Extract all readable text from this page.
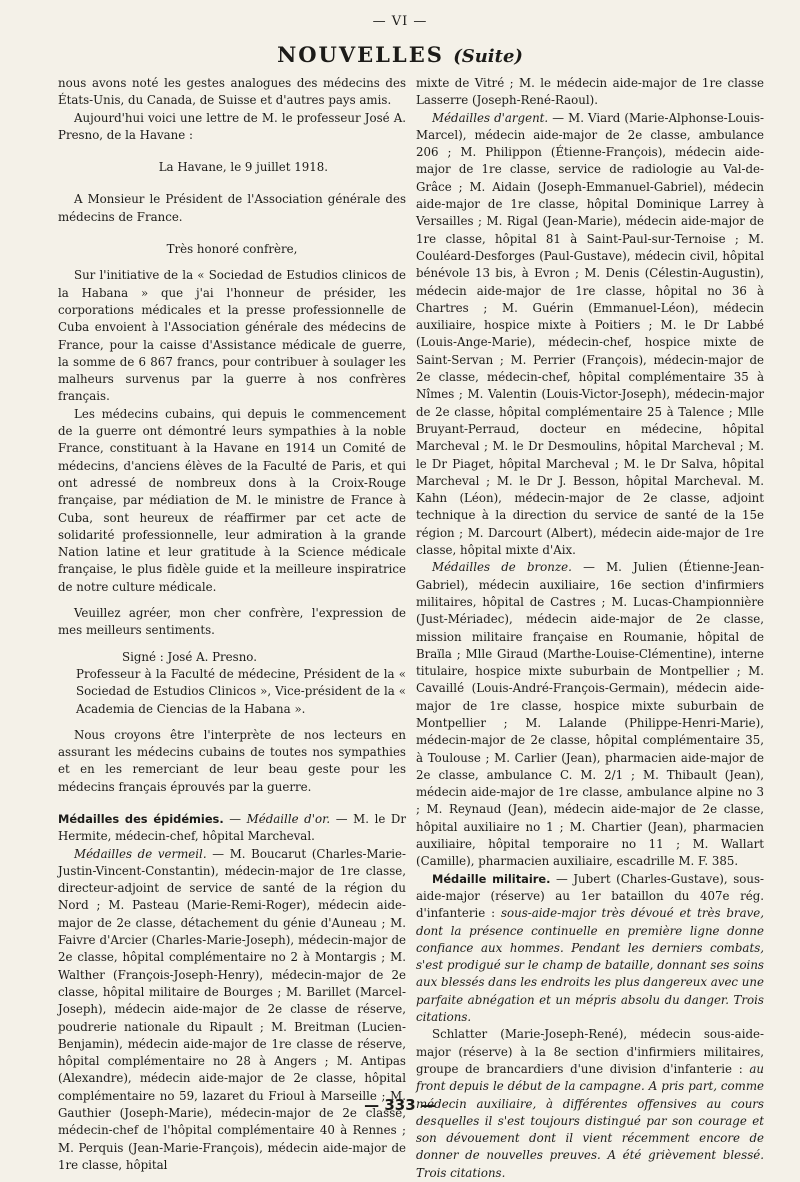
— VI —
NOUVELLES (Suite)

nous avons noté les gestes analogues des médecins des États-Unis, du Canada, de Suisse et d'autres pays amis.

Aujourd'hui voici une lettre de M. le professeur José A. Presno, de la Havane :

La Havane, le 9 juillet 1918.

A Monsieur le Président de l'Association générale des médecins de France.

Très honoré confrère,

Sur l'initiative de la « Sociedad de Estudios clinicos de la Habana » que j'ai l'honneur de présider, les corporations médicales et la presse professionnelle de Cuba envoient à l'Association générale des médecins de France, pour la caisse d'Assistance médicale de guerre, la somme de 6 867 francs, pour contribuer à soulager les malheurs survenus par la guerre à nos confrères français.

Les médecins cubains, qui depuis le commencement de la guerre ont démontré leurs sympathies à la noble France, constituant à la Havane en 1914 un Comité de médecins, d'anciens élèves de la Faculté de Paris, et qui ont adressé de nombreux dons à la Croix-Rouge française, par médiation de M. le ministre de France à Cuba, sont heureux de réaffirmer par cet acte de solidarité professionnelle, leur admiration à la grande Nation latine et leur gratitude à la Science médicale française, le plus fidèle guide et la meilleure inspiratrice de notre culture médicale.

Veuillez agréer, mon cher confrère, l'expression de mes meilleurs sentiments.

Signé : José A. Presno.

Professeur à la Faculté de médecine, Président de la « Sociedad de Estudios Clinicos », Vice-président de la « Academia de Ciencias de la Habana ».

Nous croyons être l'interprète de nos lecteurs en assurant les médecins cubains de toutes nos sympathies et en les remerciant de leur beau geste pour les médecins français éprouvés par la guerre.

Médailles des épidémies. — Médaille d'or. — M. le Dr Hermite, médecin-chef, hôpital Marcheval.

Médailles de vermeil. — M. Boucarut (Charles-Marie-Justin-Vincent-Constantin), médecin-major de 1re classe, directeur-adjoint de service de santé de la région du Nord ; M. Pasteau (Marie-Remi-Roger), médecin aide-major de 2e classe, détachement du génie d'Auneau ; M. Faivre d'Arcier (Charles-Marie-Joseph), médecin-major de 2e classe, hôpital complémentaire no 2 à Montargis ; M. Walther (François-Joseph-Henry), médecin-major de 2e classe, hôpital militaire de Bourges ; M. Barillet (Marcel-Joseph), médecin aide-major de 2e classe de réserve, poudrerie nationale du Ripault ; M. Breitman (Lucien-Benjamin), médecin aide-major de 1re classe de réserve, hôpital complémentaire no 28 à Angers ; M. Antipas (Alexandre), médecin aide-major de 2e classe, hôpital complémentaire no 59, lazaret du Frioul à Marseille ; M. Gauthier (Joseph-Marie), médecin-major de 2e classe, médecin-chef de l'hôpital complémentaire 40 à Rennes ; M. Perquis (Jean-Marie-François), médecin aide-major de 1re classe, hôpital

mixte de Vitré ; M. le médecin aide-major de 1re classe Lasserre (Joseph-René-Raoul).

Médailles d'argent. — M. Viard (Marie-Alphonse-Louis-Marcel), médecin aide-major de 2e classe, ambulance 206 ; M. Philippon (Étienne-François), médecin aide-major de 1re classe, service de radiologie au Val-de-Grâce ; M. Aidain (Joseph-Emmanuel-Gabriel), médecin aide-major de 1re classe, hôpital Dominique Larrey à Versailles ; M. Rigal (Jean-Marie), médecin aide-major de 1re classe, hôpital 81 à Saint-Paul-sur-Ternoise ; M. Couléard-Desforges (Paul-Gustave), médecin civil, hôpital bénévole 13 bis, à Evron ; M. Denis (Célestin-Augustin), médecin aide-major de 1re classe, hôpital no 36 à Chartres ; M. Guérin (Emmanuel-Léon), médecin auxiliaire, hospice mixte à Poitiers ; M. le Dr Labbé (Louis-Ange-Marie), médecin-chef, hospice mixte de Saint-Servan ; M. Perrier (François), médecin-major de 2e classe, médecin-chef, hôpital complémentaire 35 à Nîmes ; M. Valentin (Louis-Victor-Joseph), médecin-major de 2e classe, hôpital complémentaire 25 à Talence ; Mlle Bruyant-Perraud, docteur en médecine, hôpital Marcheval ; M. le Dr Desmoulins, hôpital Marcheval ; M. le Dr Piaget, hôpital Marcheval ; M. le Dr Salva, hôpital Marcheval ; M. le Dr J. Besson, hôpital Marcheval. M. Kahn (Léon), médecin-major de 2e classe, adjoint technique à la direction du service de santé de la 15e région ; M. Darcourt (Albert), médecin aide-major de 1re classe, hôpital mixte d'Aix.

Médailles de bronze. — M. Julien (Étienne-Jean-Gabriel), médecin auxiliaire, 16e section d'infirmiers militaires, hôpital de Castres ; M. Lucas-Championnière (Just-Mériadec), médecin aide-major de 2e classe, mission militaire française en Roumanie, hôpital de Braïla ; Mlle Giraud (Marthe-Louise-Clémentine), interne titulaire, hospice mixte suburbain de Montpellier ; M. Cavaillé (Louis-André-François-Germain), médecin aide-major de 1re classe, hospice mixte suburbain de Montpellier ; M. Lalande (Philippe-Henri-Marie), médecin-major de 2e classe, hôpital complémentaire 35, à Toulouse ; M. Carlier (Jean), pharmacien aide-major de 2e classe, ambulance C. M. 2/1 ; M. Thibault (Jean), médecin aide-major de 1re classe, ambulance alpine no 3 ; M. Reynaud (Jean), médecin aide-major de 2e classe, hôpital auxiliaire no 1 ; M. Chartier (Jean), pharmacien auxiliaire, hôpital temporaire no 11 ; M. Wallart (Camille), pharmacien auxiliaire, escadrille M. F. 385.

Médaille militaire. — Jubert (Charles-Gustave), sous-aide-major (réserve) au 1er bataillon du 407e rég. d'infanterie : sous-aide-major très dévoué et très brave, dont la présence continuelle en première ligne donne confiance aux hommes. Pendant les derniers combats, s'est prodigué sur le champ de bataille, donnant ses soins aux blessés dans les endroits les plus dangereux avec une parfaite abnégation et un mépris absolu du danger. Trois citations.

Schlatter (Marie-Joseph-René), médecin sous-aide-major (réserve) à la 8e section d'infirmiers militaires, groupe de brancardiers d'une division d'infanterie : au front depuis le début de la campagne. A pris part, comme médecin auxiliaire, à différentes offensives au cours desquelles il s'est toujours distingué par son courage et son dévouement dont il vient récemment encore de donner de nouvelles preuves. A été grièvement blessé. Trois citations.

— 333 —
